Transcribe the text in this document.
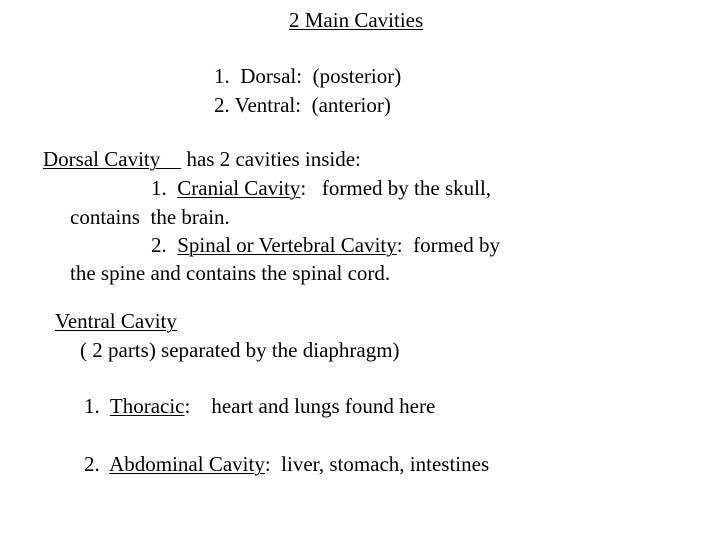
2 Main Cavities
1.  Dorsal:  (posterior)
2. Ventral:  (anterior)
Dorsal Cavity     has 2 cavities inside:
1.  Cranial Cavity:   formed by the skull,
contains  the brain.
2.  Spinal or Vertebral Cavity:  formed by
the spine and contains the spinal cord.
Ventral Cavity
( 2 parts) separated by the diaphragm)
1.  Thoracic:    heart and lungs found here
2.  Abdominal Cavity:  liver, stomach, intestines
